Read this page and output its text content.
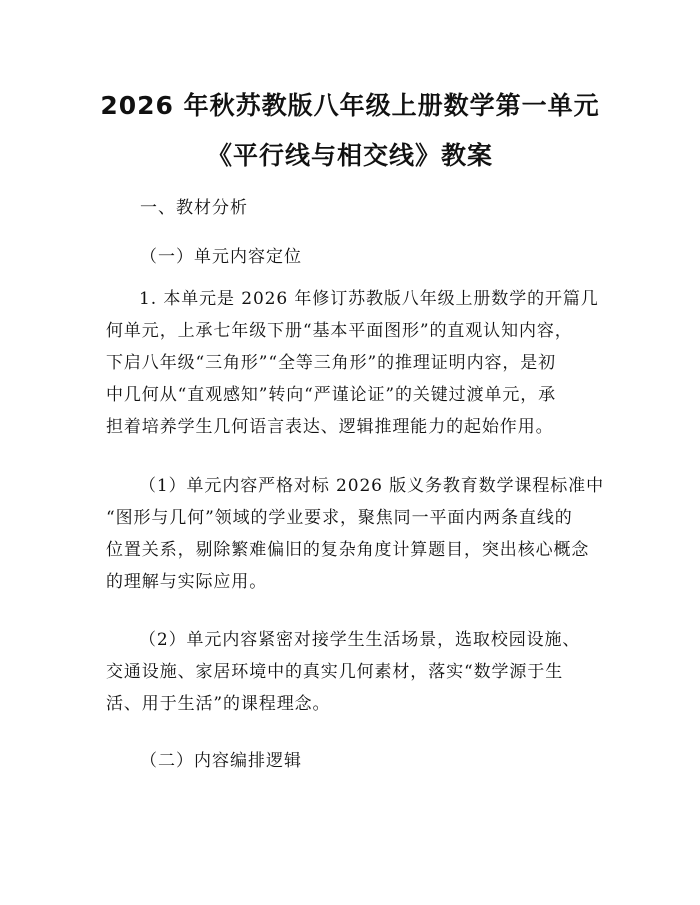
2026 年秋苏教版八年级上册数学第一单元
《平行线与相交线》教案
一、教材分析
（一）单元内容定位
1. 本单元是 2026 年修订苏教版八年级上册数学的开篇几
何单元，上承七年级下册“基本平面图形”的直观认知内容，
下启八年级“三角形”“全等三角形”的推理证明内容，是初
中几何从“直观感知”转向“严谨论证”的关键过渡单元，承
担着培养学生几何语言表达、逻辑推理能力的起始作用。
（1）单元内容严格对标 2026 版义务教育数学课程标准中
“图形与几何”领域的学业要求，聚焦同一平面内两条直线的
位置关系，剔除繁难偏旧的复杂角度计算题目，突出核心概念
的理解与实际应用。
（2）单元内容紧密对接学生生活场景，选取校园设施、
交通设施、家居环境中的真实几何素材，落实“数学源于生
活、用于生活”的课程理念。
（二）内容编排逻辑
